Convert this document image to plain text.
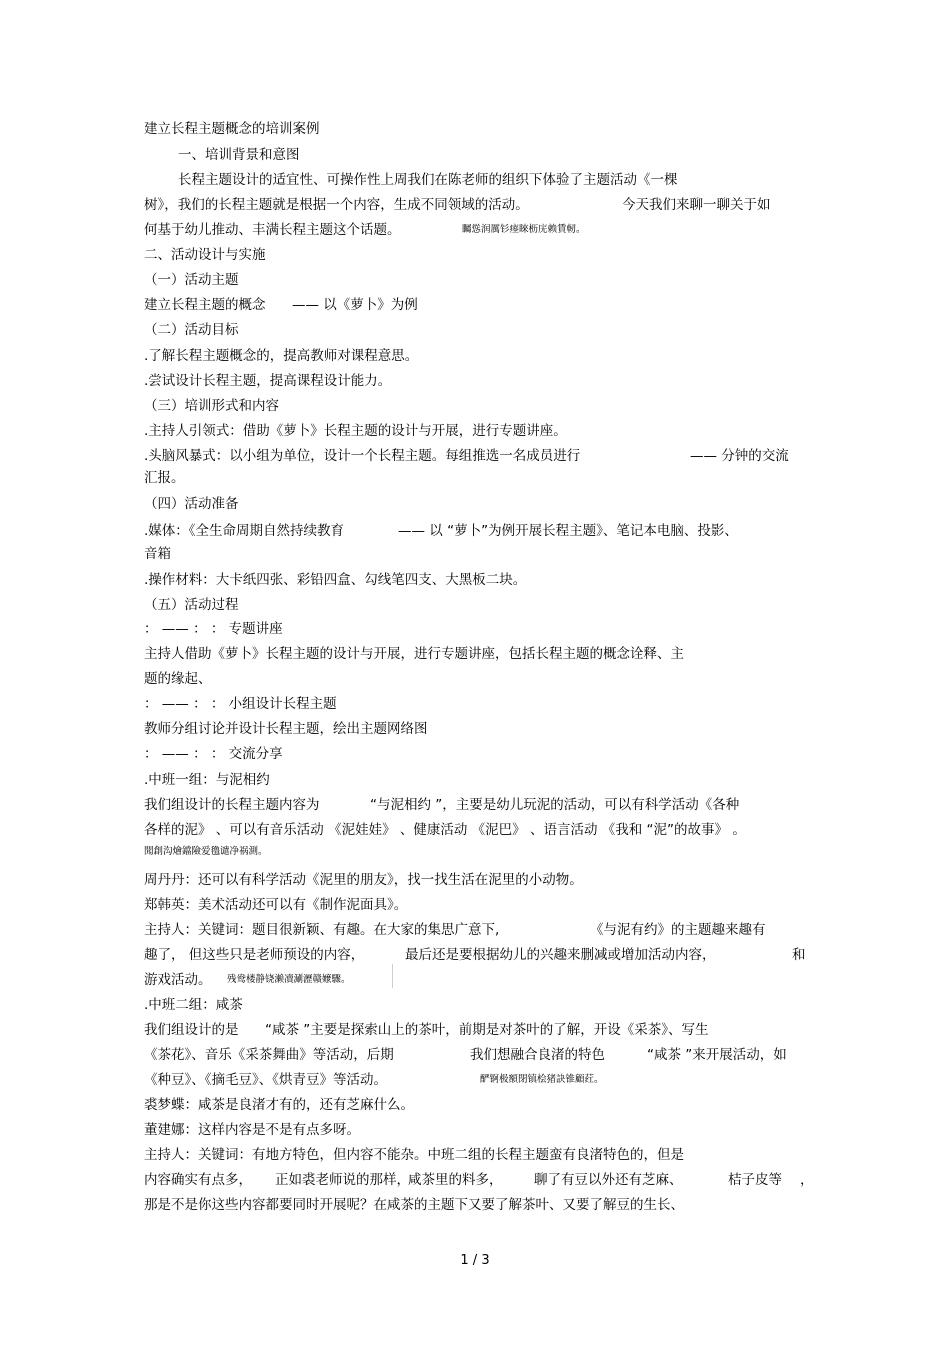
建立长程主题概念的培训案例
一、培训背景和意图
长程主题设计的适宜性、可操作性上周我们在陈老师的组织下体验了主题活动《一棵
树》，我们的长程主题就是根据一个内容，生成不同领域的活动。	今天我们来聊一聊关于如
何基于幼儿推动、丰满长程主题这个话题。	矚慫润厲钐瘗睞枥庑赖賃軔。
二、活动设计与实施
（一）活动主题
建立长程主题的概念 —— 以《萝卜》为例
（二）活动目标
.了解长程主题概念的，提高教师对课程意思。
.尝试设计长程主题，提高课程设计能力。
（三）培训形式和内容
.主持人引领式：借助《萝卜》长程主题的设计与开展，进行专题讲座。
.头脑风暴式：以小组为单位，设计一个长程主题。每组推选一名成员进行	—— 分钟的交流
汇报。
（四）活动准备
.媒体：《全生命周期自然持续教育	—— 以 “萝卜”为例开展长程主题》、笔记本电脑、投影、
音箱
.操作材料：大卡纸四张、彩铅四盒、勾线笔四支、大黑板二块。
（五）活动过程
： —— ： ： 专题讲座
主持人借助《萝卜》长程主题的设计与开展，进行专题讲座，包括长程主题的概念诠释、主
题的缘起、
： —— ： ： 小组设计长程主题
教师分组讨论并设计长程主题，绘出主题网络图
： —— ： ： 交流分享
.中班一组：与泥相约
我们组设计的长程主题内容为	“与泥相约 ”，主要是幼儿玩泥的活动，可以有科学活动《各种
各样的泥》 、可以有音乐活动 《泥娃娃》 、健康活动 《泥巴》 、语言活动 《我和 “泥”的故事》 。
聞創沟燴鐺險爱氇谴净祸測。
周丹丹：还可以有科学活动《泥里的朋友》，找一找生活在泥里的小动物。
郑韩英：美术活动还可以有《制作泥面具》。
主持人：关键词：题目很新颖、有趣。在大家的集思广意下,	《与泥有约》的主题趣来趣有
趣了， 但这些只是老师预设的内容，	最后还是要根据幼儿的兴趣来删减或增加活动内容，	和
游戏活动。 残鸯楼静铙濑凟涮瀝赣嬤驟。
.中班二组：咸茶
我们组设计的是 “咸茶 ”主要是探索山上的茶叶，前期是对茶叶的了解，开设《采茶》、写生
《茶花》、音乐《采茶舞曲》等活动，后期	我们想融合良渚的特色	“咸茶 ”来开展活动，如
《种豆》、《摘毛豆》、《烘青豆》等活动。	酽锕极額閉镇桧猪訣锥顧荭。
裘梦蝶：咸茶是良渚才有的，还有芝麻什么。
董建娜：这样内容是不是有点多呀。
主持人：关键词：有地方特色，但内容不能杂。中班二组的长程主题蛮有良渚特色的，但是
内容确实有点多， 正如裘老师说的那样，
咸茶里的料多， 聊了有豆以外还有芝麻、	桔子皮等 ，
那是不是你这些内容都要同时开展呢？在咸茶的主题下又要了解茶叶、又要了解豆的生长、
1 / 3
